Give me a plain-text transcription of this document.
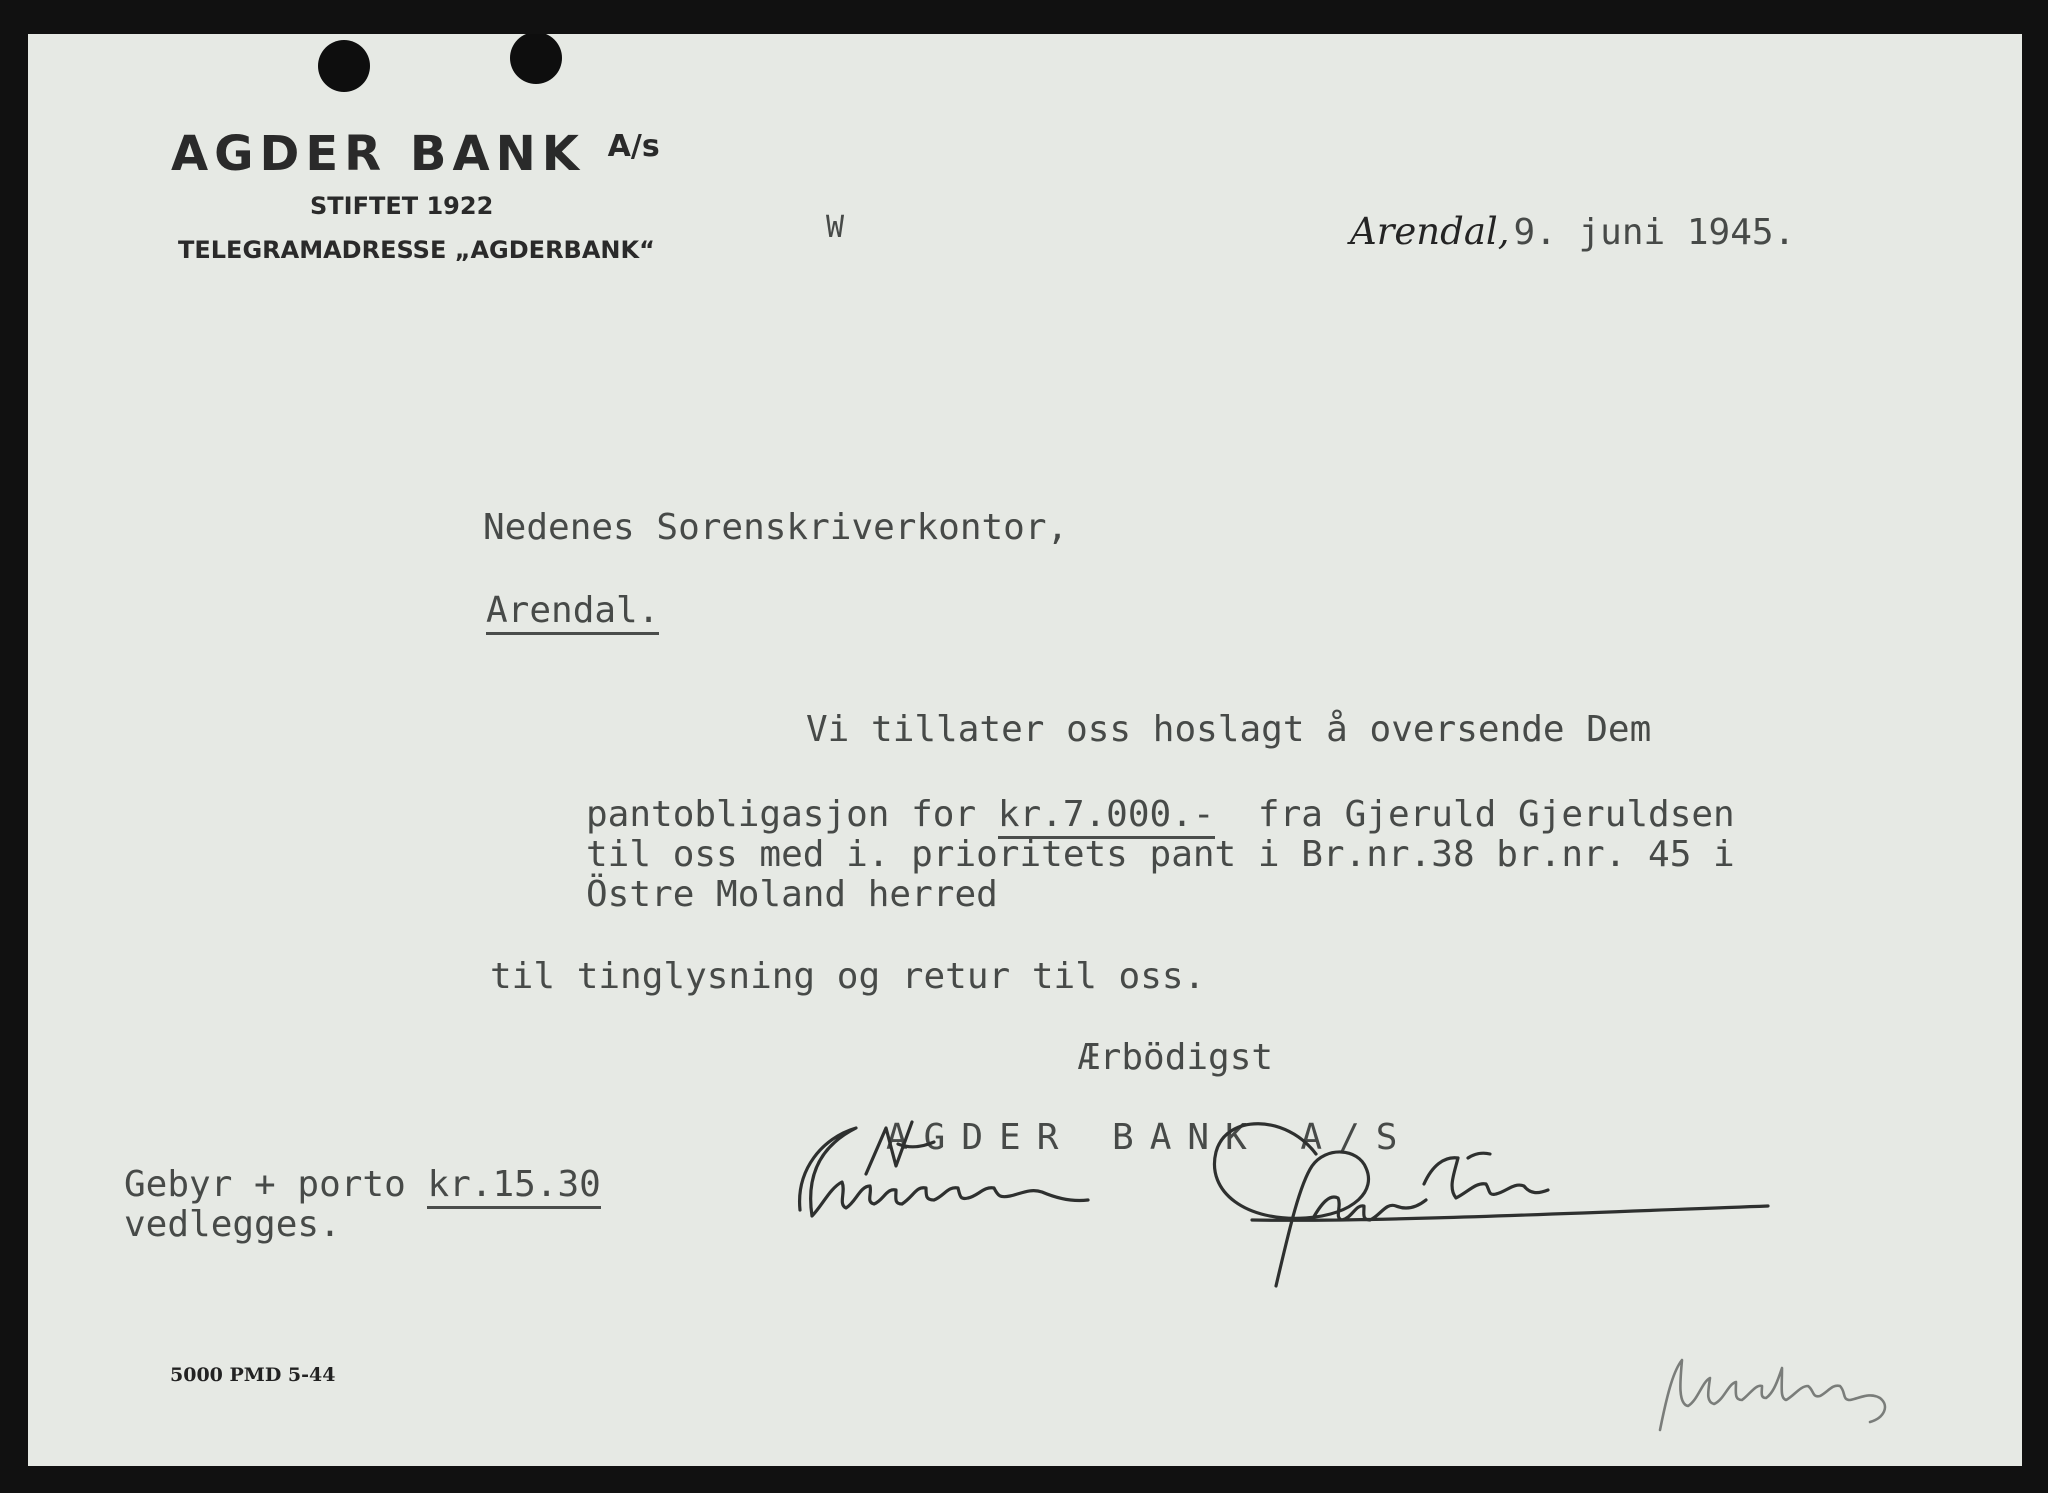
AGDER BANK $^{A/s}$
STIFTET 1922
TELEGRAMADRESSE „AGDERBANK“
W	Arendal, 9. juni 1945.
Nedenes Sorenskriverkontor,
Arendal.
Vi tillater oss hoslagt å oversende Dem
pantobligasjon for kr.7.000.-  fra Gjeruld Gjeruldsen
til oss med i. prioritets pant i Br.nr.38 br.nr. 45 i
Östre Moland herred
til tinglysning og retur til oss.
Ærbödigst
AGDER BANK A/S
Gebyr + porto kr.15.30
vedlegges.
5000 PMD 5-44
